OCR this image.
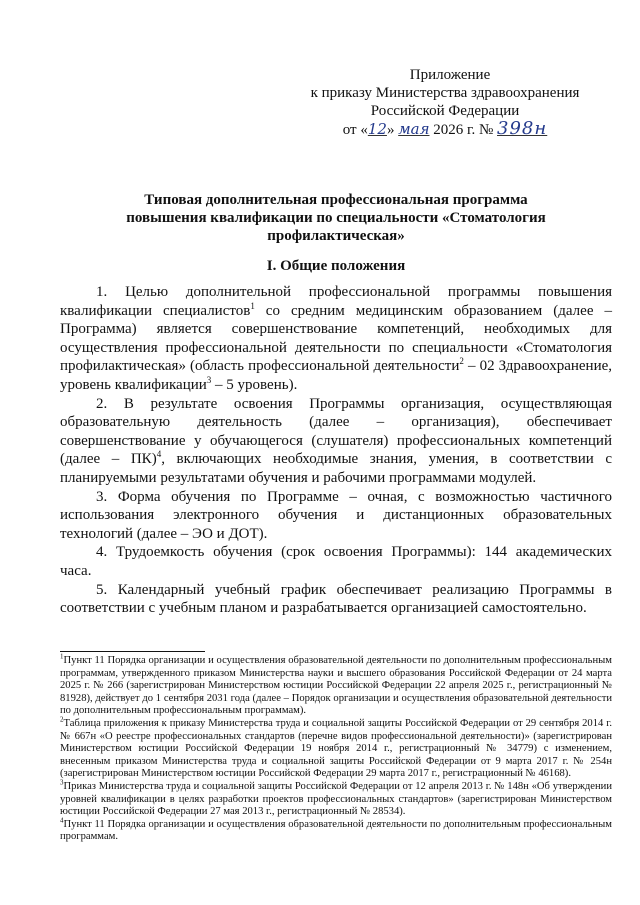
Приложение
к приказу Министерства здравоохранения
Российской Федерации
от «12» мая 2026 г. № 398н
Типовая дополнительная профессиональная программа
повышения квалификации по специальности «Стоматология
профилактическая»
I. Общие положения

1. Целью дополнительной профессиональной программы повышения квалификации специалистов$^1$ со средним медицинским образованием (далее – Программа) является совершенствование компетенций, необходимых для осуществления профессиональной деятельности по специальности «Стоматология профилактическая» (область профессиональной деятельности$^2$ – 02 Здравоохранение, уровень квалификации$^3$ – 5 уровень).

2. В результате освоения Программы организация, осуществляющая образовательную деятельность (далее – организация), обеспечивает совершенствование у обучающегося (слушателя) профессиональных компетенций (далее – ПК)$^4$, включающих необходимые знания, умения, в соответствии с планируемыми результатами обучения и рабочими программами модулей.

3. Форма обучения по Программе – очная, с возможностью частичного использования электронного обучения и дистанционных образовательных технологий (далее – ЭО и ДОТ).

4. Трудоемкость обучения (срок освоения Программы): 144 академических часа.

5. Календарный учебный график обеспечивает реализацию Программы в соответствии с учебным планом и разрабатывается организацией самостоятельно.

$^1$Пункт 11 Порядка организации и осуществления образовательной деятельности по дополнительным профессиональным программам, утвержденного приказом Министерства науки и высшего образования Российской Федерации от 24 марта 2025 г. № 266 (зарегистрирован Министерством юстиции Российской Федерации 22 апреля 2025 г., регистрационный № 81928), действует до 1 сентября 2031 года (далее – Порядок организации и осуществления образовательной деятельности по дополнительным профессиональным программам).

$^2$Таблица приложения к приказу Министерства труда и социальной защиты Российской Федерации от 29 сентября 2014 г. № 667н «О реестре профессиональных стандартов (перечне видов профессиональной деятельности)» (зарегистрирован Министерством юстиции Российской Федерации 19 ноября 2014 г., регистрационный № 34779) с изменением, внесенным приказом Министерства труда и социальной защиты Российской Федерации от 9 марта 2017 г. № 254н (зарегистрирован Министерством юстиции Российской Федерации 29 марта 2017 г., регистрационный № 46168).

$^3$Приказ Министерства труда и социальной защиты Российской Федерации от 12 апреля 2013 г. № 148н «Об утверждении уровней квалификации в целях разработки проектов профессиональных стандартов» (зарегистрирован Министерством юстиции Российской Федерации 27 мая 2013 г., регистрационный № 28534).

$^4$Пункт 11 Порядка организации и осуществления образовательной деятельности по дополнительным профессиональным программам.
